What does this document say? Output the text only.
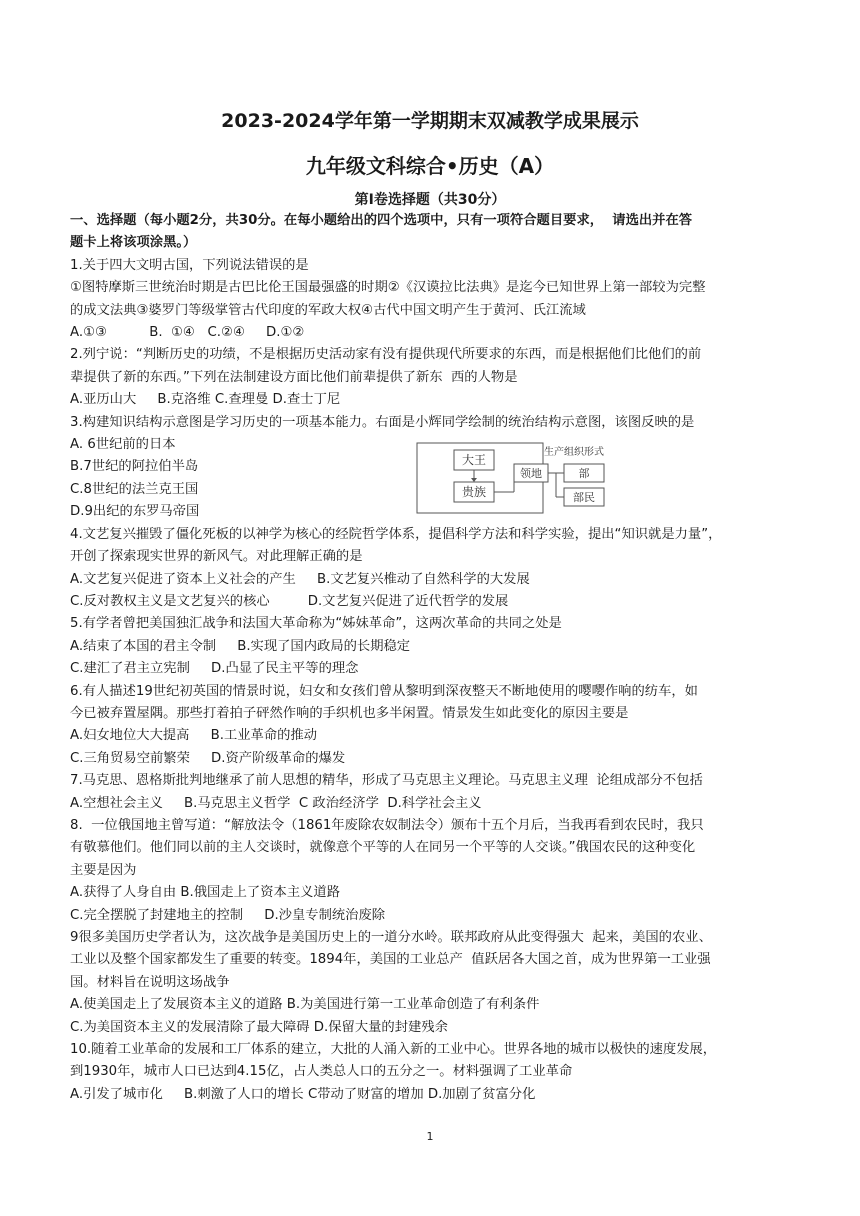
2023-2024学年第一学期期末双减教学成果展示
九年级文科综合•历史（A）
第Ⅰ卷选择题（共30分）

一、选择题（每小题2分，共30分。在每小题给出的四个选项中，只有一项符合题目要求，  请选出并在答

题卡上将该项涂黑。）

1.关于四大文明古国，下列说法错误的是

①图特摩斯三世统治时期是古巴比伦王国最强盛的时期②《汉谟拉比法典》是迄今已知世界上第一部较为完整

的成文法典③婆罗门等级掌管古代印度的军政大权④古代中国文明产生于黄河、氏江流域

A.①③          B.  ①④   C.②④     D.①②

2.列宁说：“判断历史的功绩，不是根据历史活动家有没有提供现代所要求的东西，而是根据他们比他们的前

辈提供了新的东西。”下列在法制建设方面比他们前辈提供了新东  西的人物是

A.亚历山大     B.克洛维 C.查理曼 D.查士丁尼

3.构建知识结构示意图是学习历史的一项基本能力。右面是小辉同学绘制的统治结构示意图，该图反映的是

A. 6世纪前的日本

B.7世纪的阿拉伯半岛

C.8世纪的法兰克王国

D.9出纪的东罗马帝国

4.文艺复兴摧毁了僵化死板的以神学为核心的经院哲学体系，提倡科学方法和科学实验，提出“知识就是力量”，

开创了探索现实世界的新风气。对此理解正确的是

A.文艺复兴促进了资本上义社会的产生     B.文艺复兴椎动了自然科学的大发展

C.反对教权主义是文艺复兴的核心         D.文艺复兴促进了近代哲学的发展

5.有学者曾把美国独汇战争和法国大革命称为“姊妹革命”，这两次革命的共同之处是

A.结束了本国的君主令制     B.实现了国内政局的长期稳定

C.建汇了君主立宪制     D.凸显了民主平等的理念

6.有人描述19世纪初英国的情景时说，妇女和女孩们曾从黎明到深夜整天不断地使用的嘤嘤作响的纺车，如

今已被弃置屋隅。那些打着拍子砰然作响的手织机也多半闲置。情景发生如此变化的原因主要是

A.妇女地位大大提高     B.工业革命的推动

C.三角贸易空前繁荣     D.资产阶级革命的爆发

7.马克思、恩格斯批判地继承了前人思想的精华，形成了马克思主义理论。马克思主义理  论组成部分不包括

A.空想社会主义     B.马克思主义哲学  C 政治经济学  D.科学社会主义

8.  一位俄国地主曾写道：“解放法令（1861年废除农奴制法令）颁布十五个月后，当我再看到农民时，我只

有敬慕他们。他们同以前的主人交谈时，就像意个平等的人在同另一个平等的人交谈。”俄国农民的这种变化

主要是因为

A.获得了人身自由 B.俄国走上了资本主义道路

C.完全摆脱了封建地主的控制     D.沙皇专制统治废除

9很多美国历史学者认为，这次战争是美国历史上的一道分水岭。联邦政府从此变得强大  起来，美国的农业、

工业以及整个国家都发生了重要的转变。1894年，美国的工业总产  值跃居各大国之首，成为世界第一工业强

国。材料旨在说明这场战争

A.使美国走上了发展资本主义的道路 B.为美国进行第一工业革命创造了有利条件

C.为美国资本主义的发展清除了最大障碍 D.保留大量的封建残余

10.随着工业革命的发展和工厂体系的建立，大批的人涌入新的工业中心。世界各地的城市以极快的速度发展，

到1930年，城市人口已达到4.15亿，占人类总人口的五分之一。材料强调了工业革命

A.引发了城市化     B.刺激了人口的增长 C带动了财富的增加 D.加剧了贫富分化

大王
贵族
生产组织形式
领地	部
部民
1
